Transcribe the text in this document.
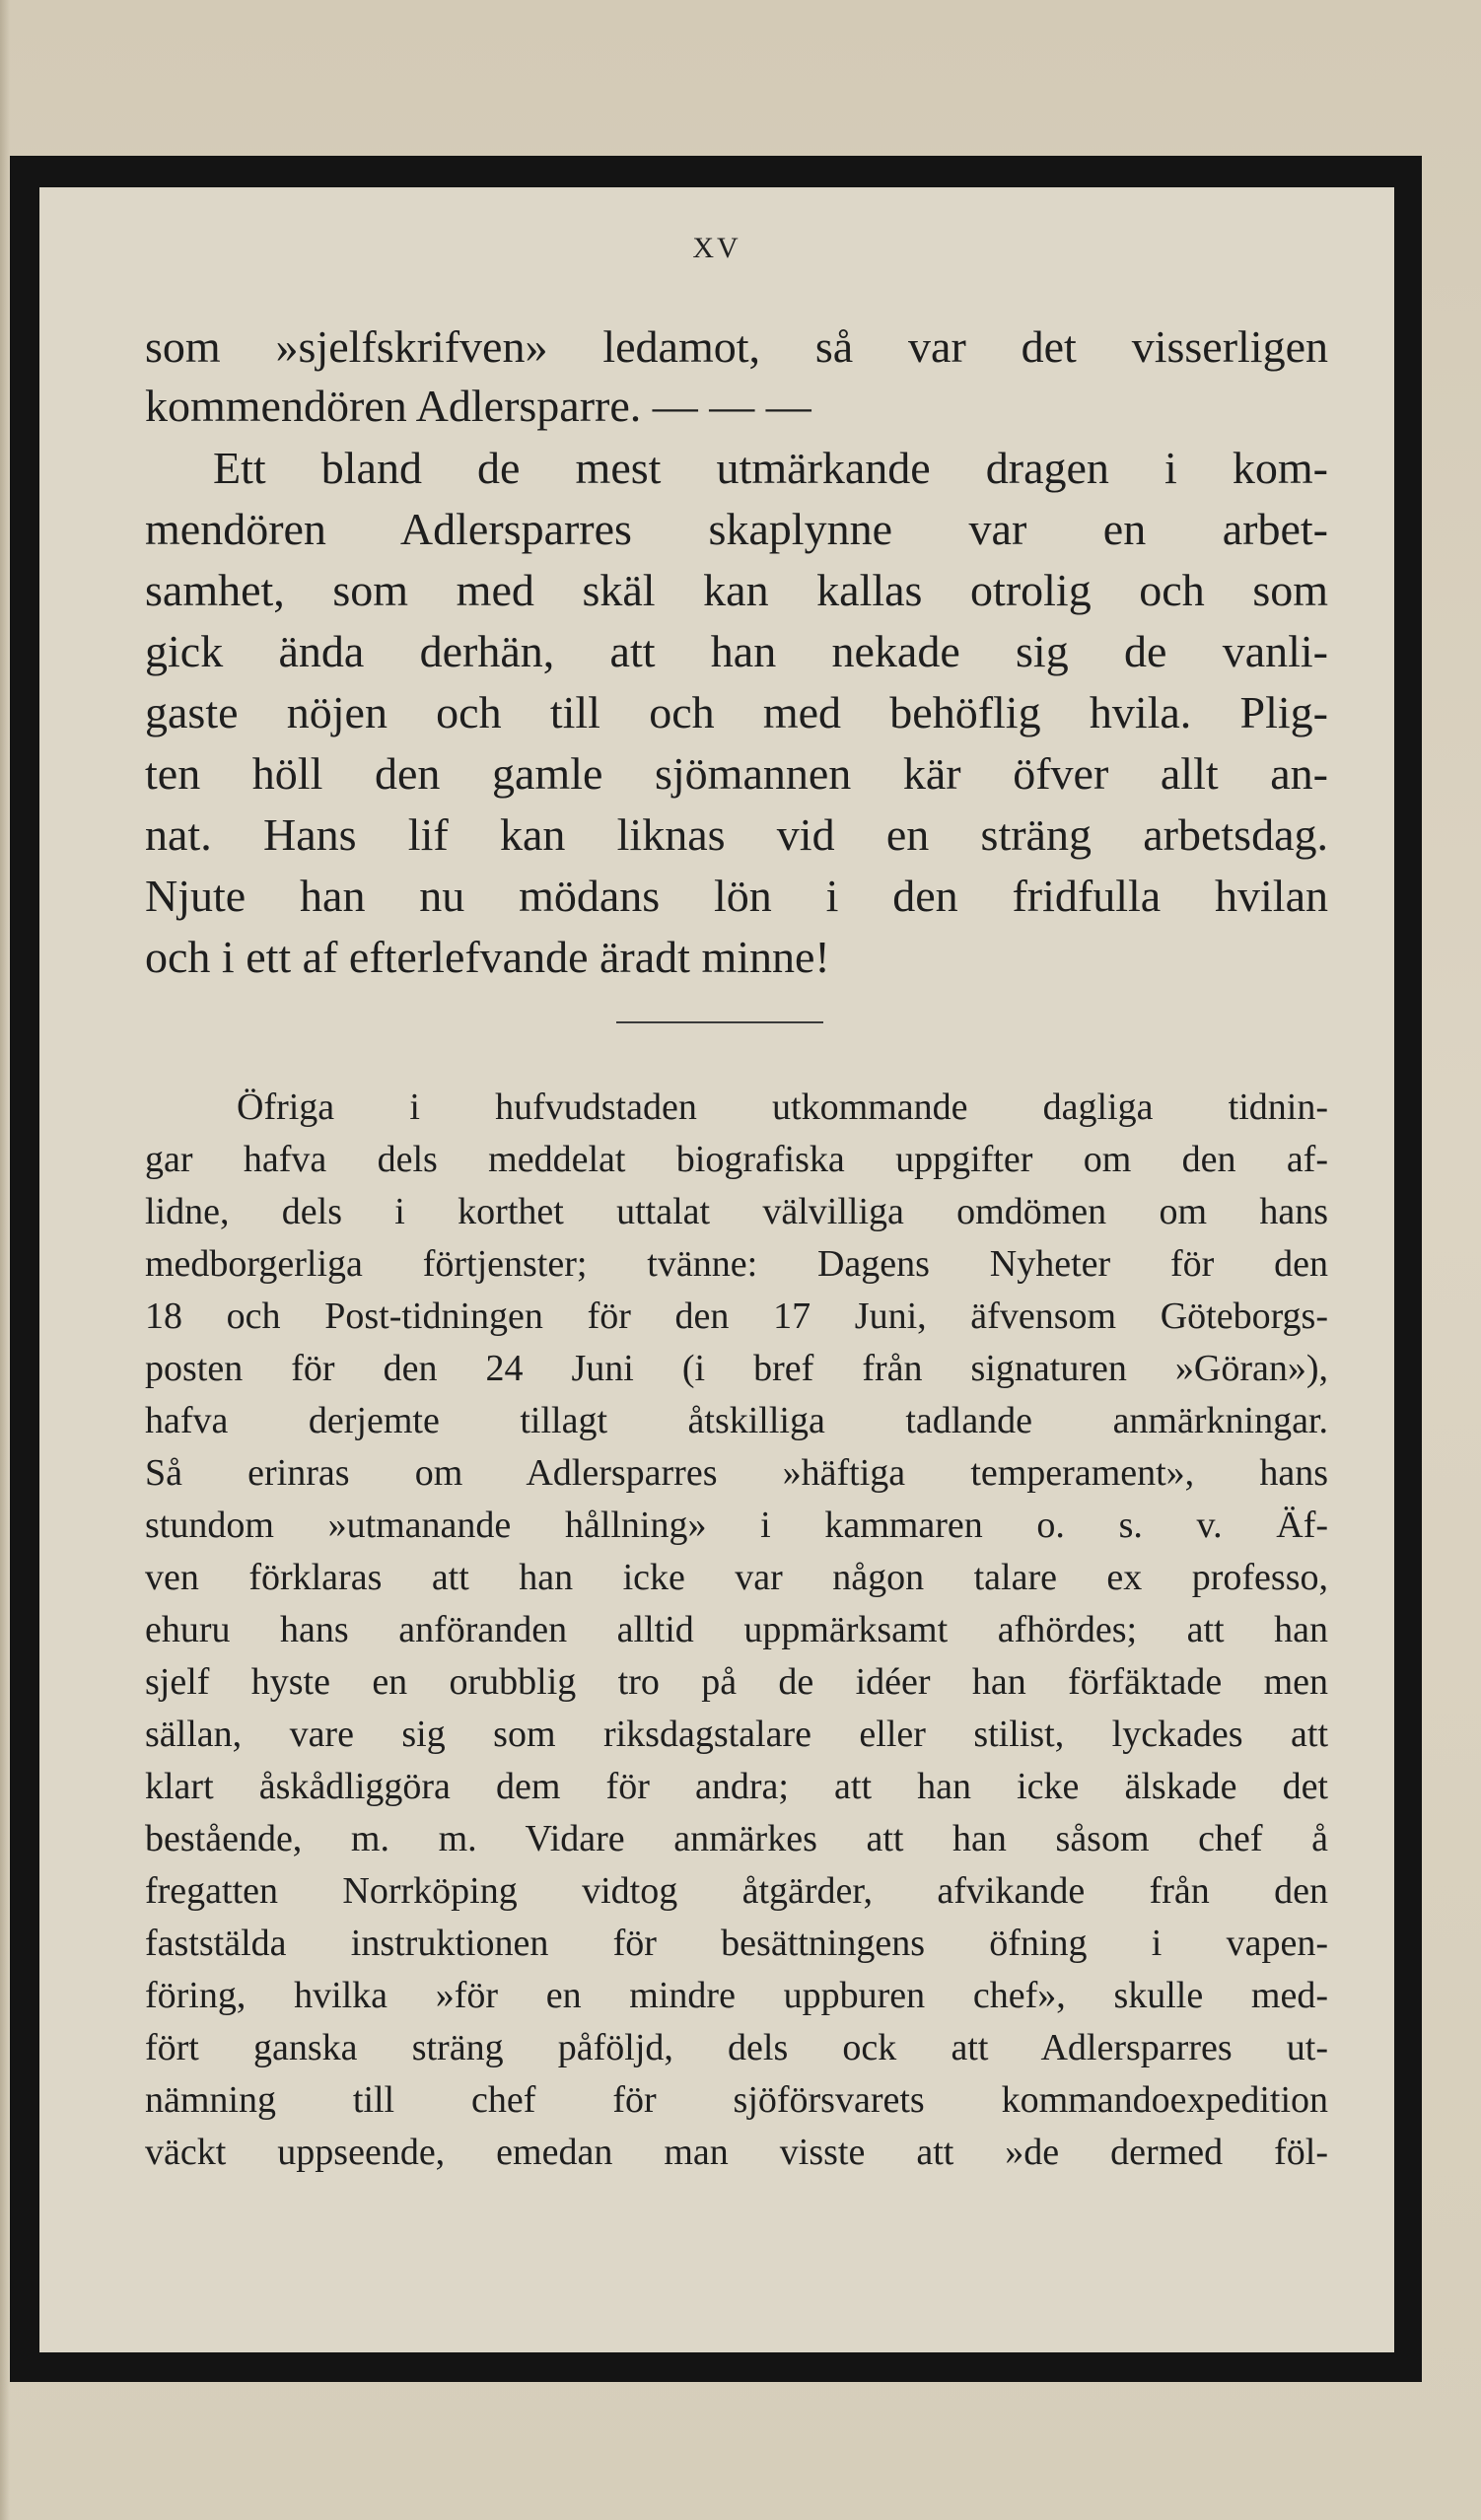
XV
som »sjelfskrifven» ledamot, så var det visserligen
kommendören Adlersparre. — — —
Ett bland de mest utmärkande dragen i kom-
mendören Adlersparres skaplynne var en arbet-
samhet, som med skäl kan kallas otrolig och som
gick ända derhän, att han nekade sig de vanli-
gaste nöjen och till och med behöflig hvila. Plig-
ten höll den gamle sjömannen kär öfver allt an-
nat. Hans lif kan liknas vid en sträng arbetsdag.
Njute han nu mödans lön i den fridfulla hvilan
och i ett af efterlefvande äradt minne!
Öfriga i hufvudstaden utkommande dagliga tidnin-
gar hafva dels meddelat biografiska uppgifter om den af-
lidne, dels i korthet uttalat välvilliga omdömen om hans
medborgerliga förtjenster; tvänne: Dagens Nyheter för den
18 och Post-tidningen för den 17 Juni, äfvensom Göteborgs-
posten för den 24 Juni (i bref från signaturen »Göran»),
hafva derjemte tillagt åtskilliga tadlande anmärkningar.
Så erinras om Adlersparres »häftiga temperament», hans
stundom »utmanande hållning» i kammaren o. s. v. Äf-
ven förklaras att han icke var någon talare ex professo,
ehuru hans anföranden alltid uppmärksamt afhördes; att han
sjelf hyste en orubblig tro på de idéer han förfäktade men
sällan, vare sig som riksdagstalare eller stilist, lyckades att
klart åskådliggöra dem för andra; att han icke älskade det
bestående, m. m. Vidare anmärkes att han såsom chef å
fregatten Norrköping vidtog åtgärder, afvikande från den
faststälda instruktionen för besättningens öfning i vapen-
föring, hvilka »för en mindre uppburen chef», skulle med-
fört ganska sträng påföljd, dels ock att Adlersparres ut-
nämning till chef för sjöförsvarets kommandoexpedition
väckt uppseende, emedan man visste att »de dermed föl-
